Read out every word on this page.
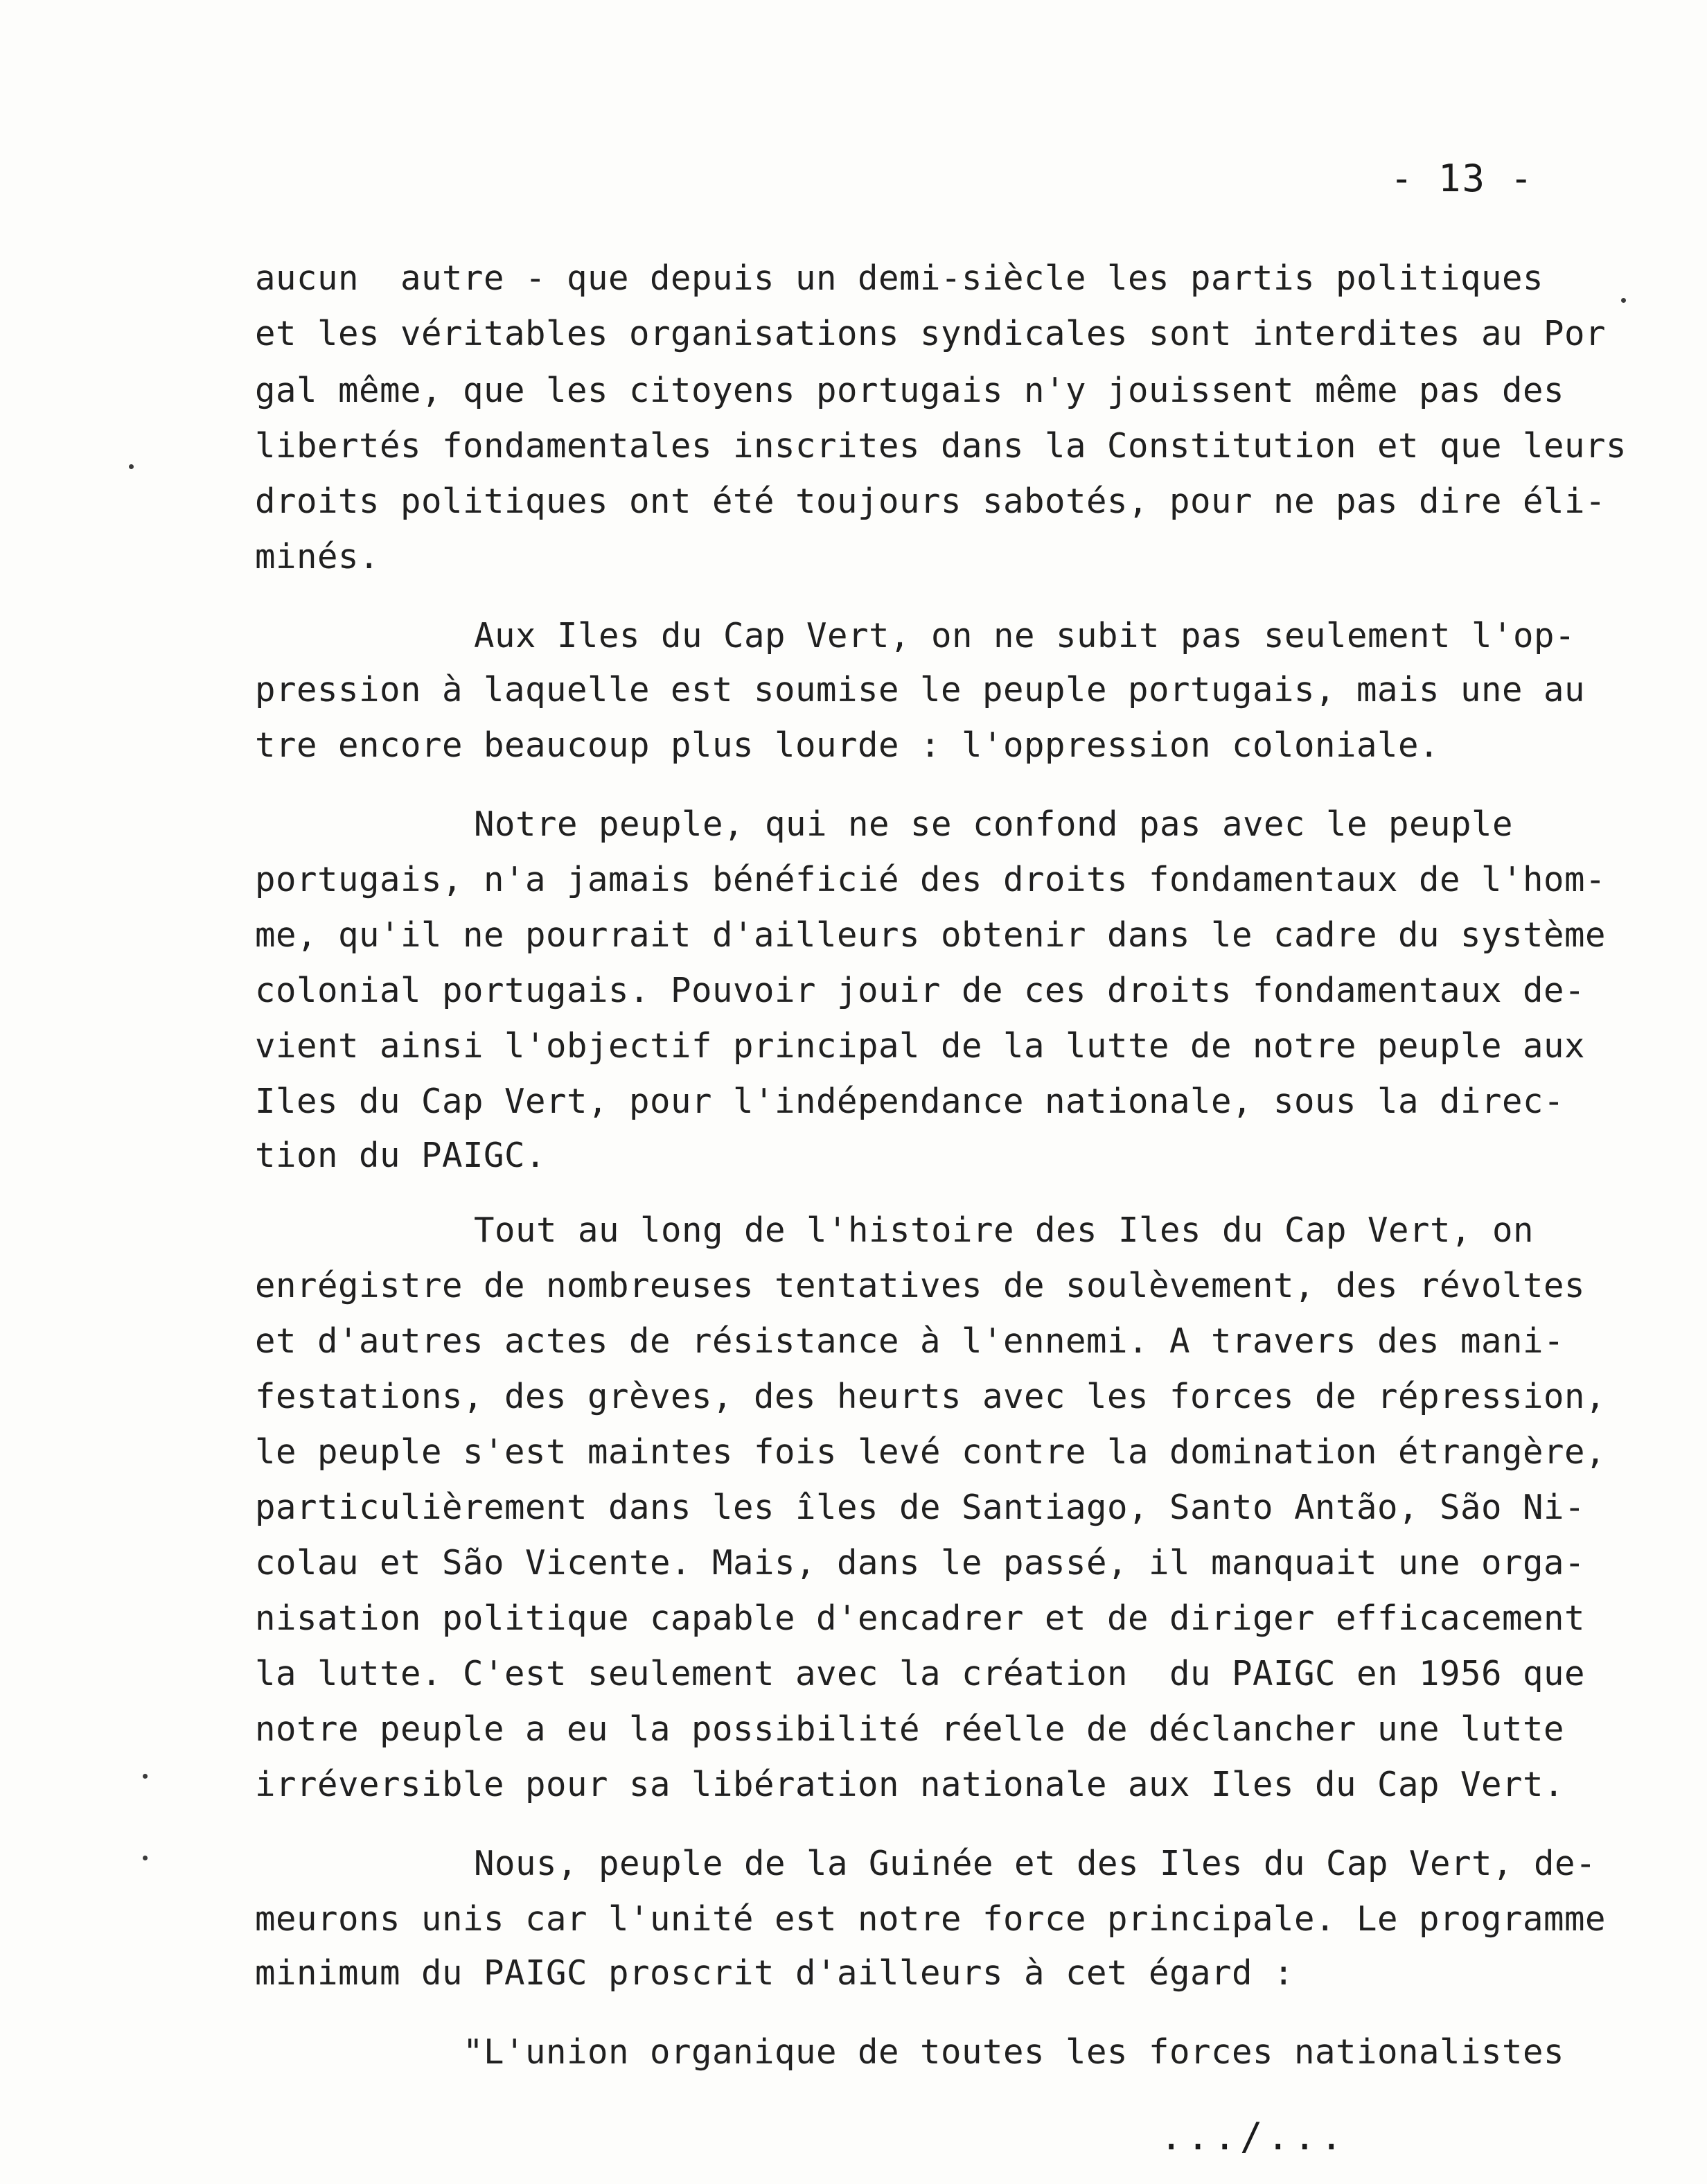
- 13 -
aucun  autre - que depuis un demi-siècle les partis politiques
et les véritables organisations syndicales sont interdites au Por
gal même, que les citoyens portugais n'y jouissent même pas des
libertés fondamentales inscrites dans la Constitution et que leurs
droits politiques ont été toujours sabotés, pour ne pas dire éli-
minés.
Aux Iles du Cap Vert, on ne subit pas seulement l'op-
pression à laquelle est soumise le peuple portugais, mais une au
tre encore beaucoup plus lourde : l'oppression coloniale.
Notre peuple, qui ne se confond pas avec le peuple
portugais, n'a jamais bénéficié des droits fondamentaux de l'hom-
me, qu'il ne pourrait d'ailleurs obtenir dans le cadre du système
colonial portugais. Pouvoir jouir de ces droits fondamentaux de-
vient ainsi l'objectif principal de la lutte de notre peuple aux
Iles du Cap Vert, pour l'indépendance nationale, sous la direc-
tion du PAIGC.
Tout au long de l'histoire des Iles du Cap Vert, on
enrégistre de nombreuses tentatives de soulèvement, des révoltes
et d'autres actes de résistance à l'ennemi. A travers des mani-
festations, des grèves, des heurts avec les forces de répression,
le peuple s'est maintes fois levé contre la domination étrangère,
particulièrement dans les îles de Santiago, Santo Antão, São Ni-
colau et São Vicente. Mais, dans le passé, il manquait une orga-
nisation politique capable d'encadrer et de diriger efficacement
la lutte. C'est seulement avec la création  du PAIGC en 1956 que
notre peuple a eu la possibilité réelle de déclancher une lutte
irréversible pour sa libération nationale aux Iles du Cap Vert.
Nous, peuple de la Guinée et des Iles du Cap Vert, de-
meurons unis car l'unité est notre force principale. Le programme
minimum du PAIGC proscrit d'ailleurs à cet égard :
"L'union organique de toutes les forces nationalistes
.../...
